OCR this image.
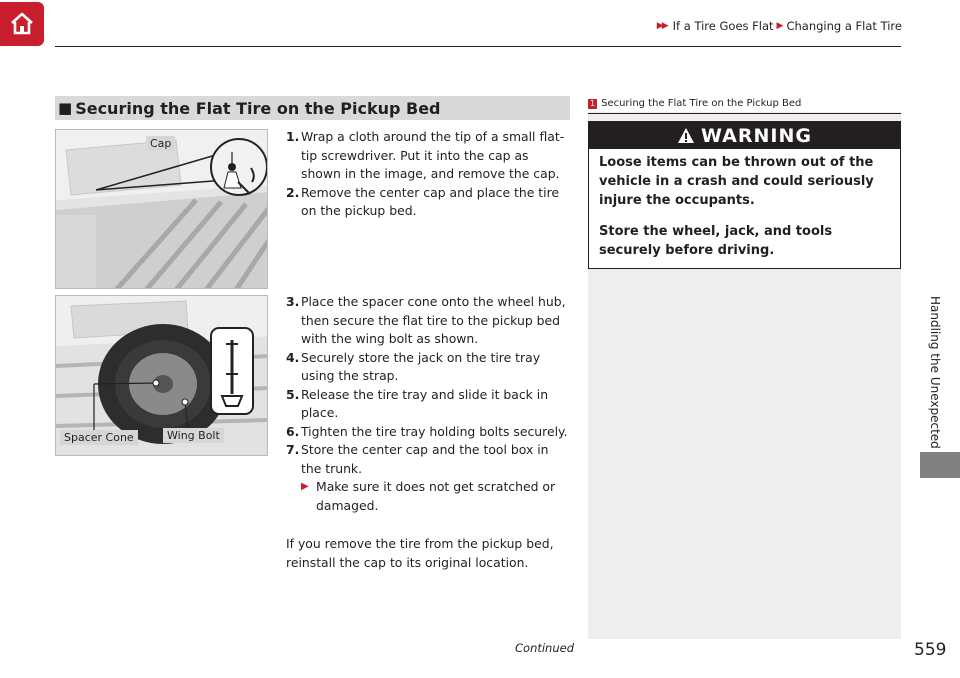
▶▶ If a Tire Goes Flat ▶ Changing a Flat Tire
Handling the Unexpected
■ Securing the Flat Tire on the Pickup Bed
Cap
Spacer Cone	Wing Bolt
1. Wrap a cloth around the tip of a small flat-tip screwdriver. Put it into the cap as shown in the image, and remove the cap.
2. Remove the center cap and place the tire on the pickup bed.
3. Place the spacer cone onto the wheel hub, then secure the flat tire to the pickup bed with the wing bolt as shown.
4. Securely store the jack on the tire tray using the strap.
5. Release the tire tray and slide it back in place.
6. Tighten the tire tray holding bolts securely.
7. Store the center cap and the tool box in the trunk.
▶ Make sure it does not get scratched or damaged.
If you remove the tire from the pickup bed, reinstall the cap to its original location.
1 Securing the Flat Tire on the Pickup Bed
WARNING

Loose items can be thrown out of the vehicle in a crash and could seriously injure the occupants.

Store the wheel, jack, and tools securely before driving.

Continued	559
